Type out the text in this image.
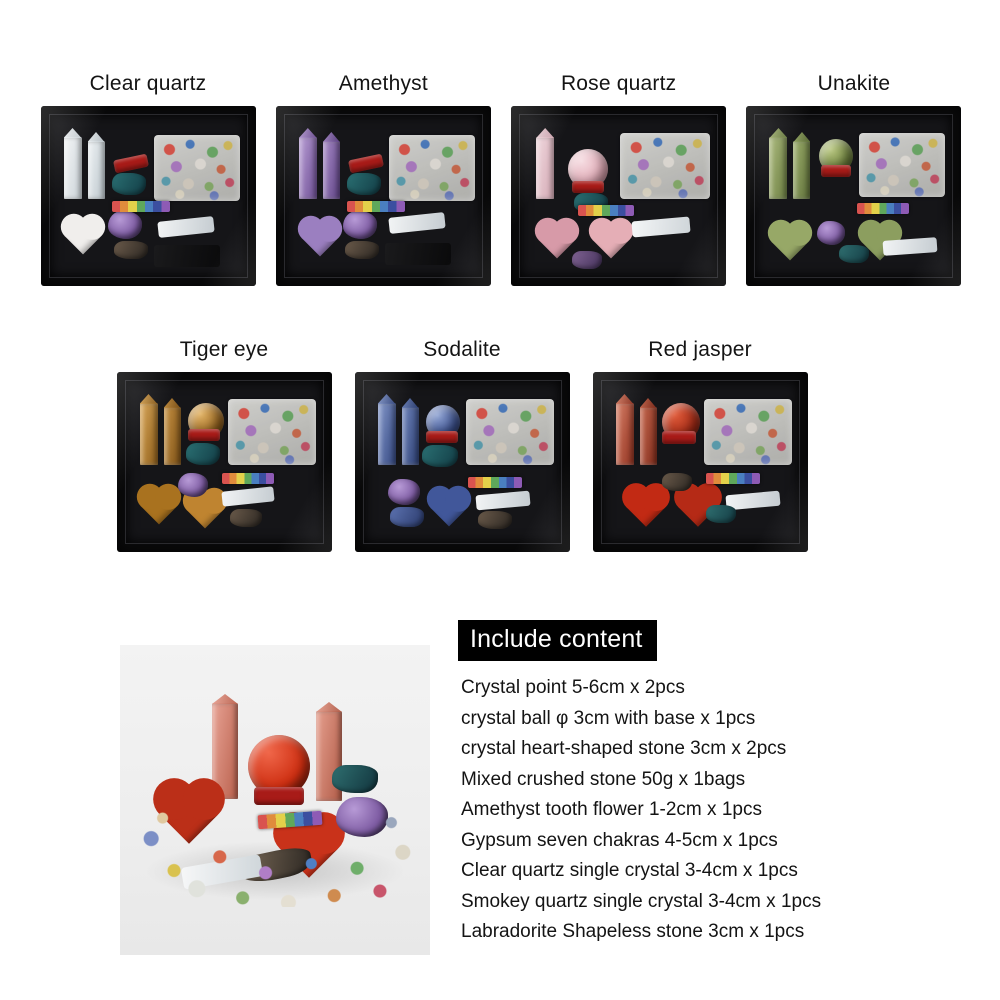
Clear quartz	Amethyst	Rose quartz	Unakite
Tiger eye	Sodalite	Red jasper
Include content
Crystal point 5-6cm x 2pcs
crystal ball φ 3cm with base x 1pcs
crystal heart-shaped stone 3cm x 2pcs
Mixed crushed stone 50g x 1bags
Amethyst tooth flower 1-2cm x 1pcs
Gypsum seven chakras 4-5cm x 1pcs
Clear quartz single crystal 3-4cm x 1pcs
Smokey quartz single crystal 3-4cm x 1pcs
Labradorite Shapeless stone 3cm x 1pcs
